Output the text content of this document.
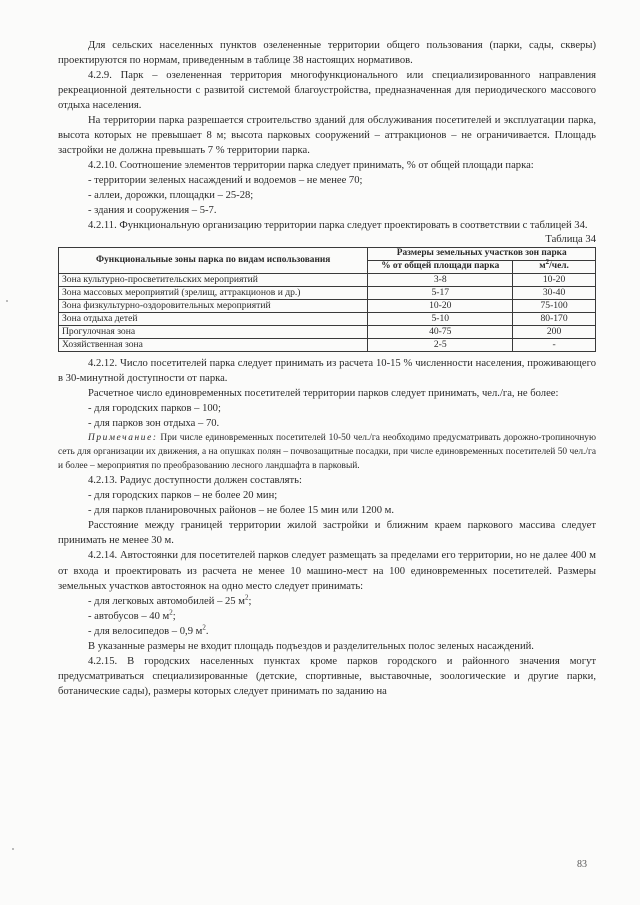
Для сельских населенных пунктов озелененные территории общего пользования (парки, сады, скверы) проектируются по нормам, приведенным в таблице 38 настоящих нормативов.

4.2.9. Парк – озелененная территория многофункционального или специализированного направления рекреационной деятельности с развитой системой благоустройства, предназначенная для периодического массового отдыха населения.

На территории парка разрешается строительство зданий для обслуживания посетителей и эксплуатации парка, высота которых не превышает 8 м; высота парковых сооружений – аттракционов – не ограничивается. Площадь застройки не должна превышать 7 % территории парка.

4.2.10. Соотношение элементов территории парка следует принимать, % от общей площади парка:

- территории зеленых насаждений и водоемов – не менее 70;

- аллеи, дорожки, площадки – 25-28;

- здания и сооружения – 5-7.

4.2.11. Функциональную организацию территории парка следует проектировать в соответствии с таблицей 34.

Таблица 34

Функциональные зоны парка по видам использования	Размеры земельных участков зон парка	
	% от общей площади парка	$м^2$/чел.
Зона культурно-просветительских мероприятий	3-8	10-20
Зона массовых мероприятий (зрелищ, аттракционов и др.)	5-17	30-40
Зона физкультурно-оздоровительных мероприятий	10-20	75-100
Зона отдыха детей	5-10	80-170
Прогулочная зона	40-75	200
Хозяйственная зона	2-5	-

4.2.12. Число посетителей парка следует принимать из расчета 10-15 % численности населения, проживающего в 30-минутной доступности от парка.

Расчетное число единовременных посетителей территории парков следует принимать, чел./га, не более:

- для городских парков – 100;

- для парков зон отдыха – 70.

Примечание: При числе единовременных посетителей 10-50 чел./га необходимо предусматривать дорожно-тропиночную сеть для организации их движения, а на опушках полян – почвозащитные посадки, при числе единовременных посетителей 50 чел./га и более – мероприятия по преобразованию лесного ландшафта в парковый.

4.2.13. Радиус доступности должен составлять:

- для городских парков – не более 20 мин;

- для парков планировочных районов – не более 15 мин или 1200 м.

Расстояние между границей территории жилой застройки и ближним краем паркового массива следует принимать не менее 30 м.

4.2.14. Автостоянки для посетителей парков следует размещать за пределами его территории, но не далее 400 м от входа и проектировать из расчета не менее 10 машино-мест на 100 единовременных посетителей. Размеры земельных участков автостоянок на одно место следует принимать:

- для легковых автомобилей – 25 $м^2$;

- автобусов – 40 $м^2$;

- для велосипедов – 0,9 $м^2$.

В указанные размеры не входит площадь подъездов и разделительных полос зеленых насаждений.

4.2.15. В городских населенных пунктах кроме парков городского и районного значения могут предусматриваться специализированные (детские, спортивные, выставочные, зоологические и другие парки, ботанические сады), размеры которых следует принимать по заданию на

83
